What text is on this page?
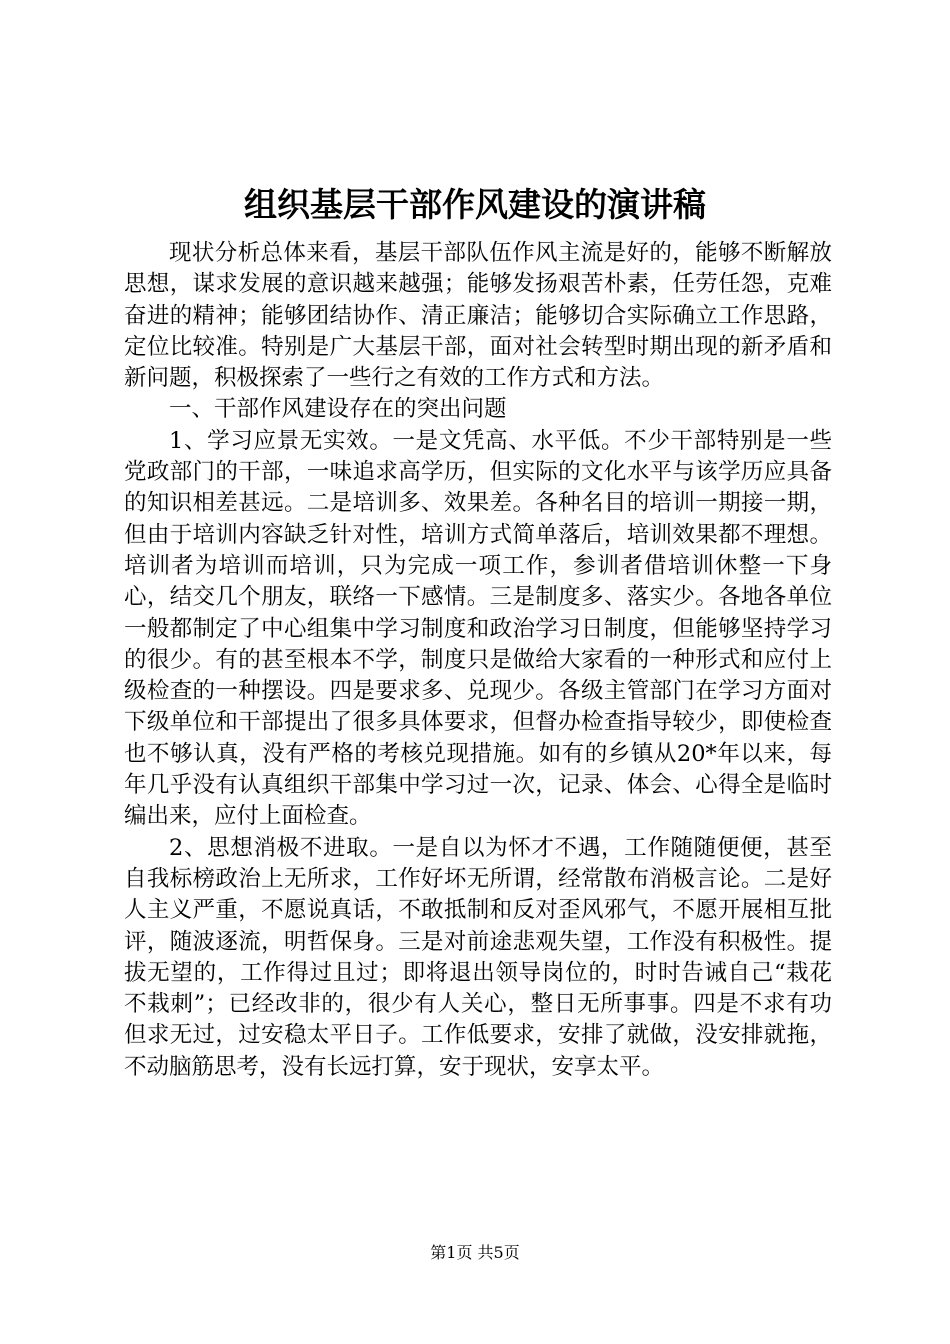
组织基层干部作风建设的演讲稿

现状分析总体来看，基层干部队伍作风主流是好的，能够不断解放思想，谋求发展的意识越来越强；能够发扬艰苦朴素，任劳任怨，克难奋进的精神；能够团结协作、清正廉洁；能够切合实际确立工作思路，定位比较准。特别是广大基层干部，面对社会转型时期出现的新矛盾和新问题，积极探索了一些行之有效的工作方式和方法。

一、干部作风建设存在的突出问题

1、学习应景无实效。一是文凭高、水平低。不少干部特别是一些党政部门的干部，一味追求高学历，但实际的文化水平与该学历应具备的知识相差甚远。二是培训多、效果差。各种名目的培训一期接一期，但由于培训内容缺乏针对性，培训方式简单落后，培训效果都不理想。培训者为培训而培训，只为完成一项工作，参训者借培训休整一下身心，结交几个朋友，联络一下感情。三是制度多、落实少。各地各单位一般都制定了中心组集中学习制度和政治学习日制度，但能够坚持学习的很少。有的甚至根本不学，制度只是做给大家看的一种形式和应付上级检查的一种摆设。四是要求多、兑现少。各级主管部门在学习方面对下级单位和干部提出了很多具体要求，但督办检查指导较少，即使检查也不够认真，没有严格的考核兑现措施。如有的乡镇从20*年以来，每年几乎没有认真组织干部集中学习过一次，记录、体会、心得全是临时编出来，应付上面检查。

2、思想消极不进取。一是自以为怀才不遇，工作随随便便，甚至自我标榜政治上无所求，工作好坏无所谓，经常散布消极言论。二是好人主义严重，不愿说真话，不敢抵制和反对歪风邪气，不愿开展相互批评，随波逐流，明哲保身。三是对前途悲观失望，工作没有积极性。提拔无望的，工作得过且过；即将退出领导岗位的，时时告诫自己“栽花不栽刺”；已经改非的，很少有人关心，整日无所事事。四是不求有功但求无过，过安稳太平日子。工作低要求，安排了就做，没安排就拖，不动脑筋思考，没有长远打算，安于现状，安享太平。

第1页 共5页
